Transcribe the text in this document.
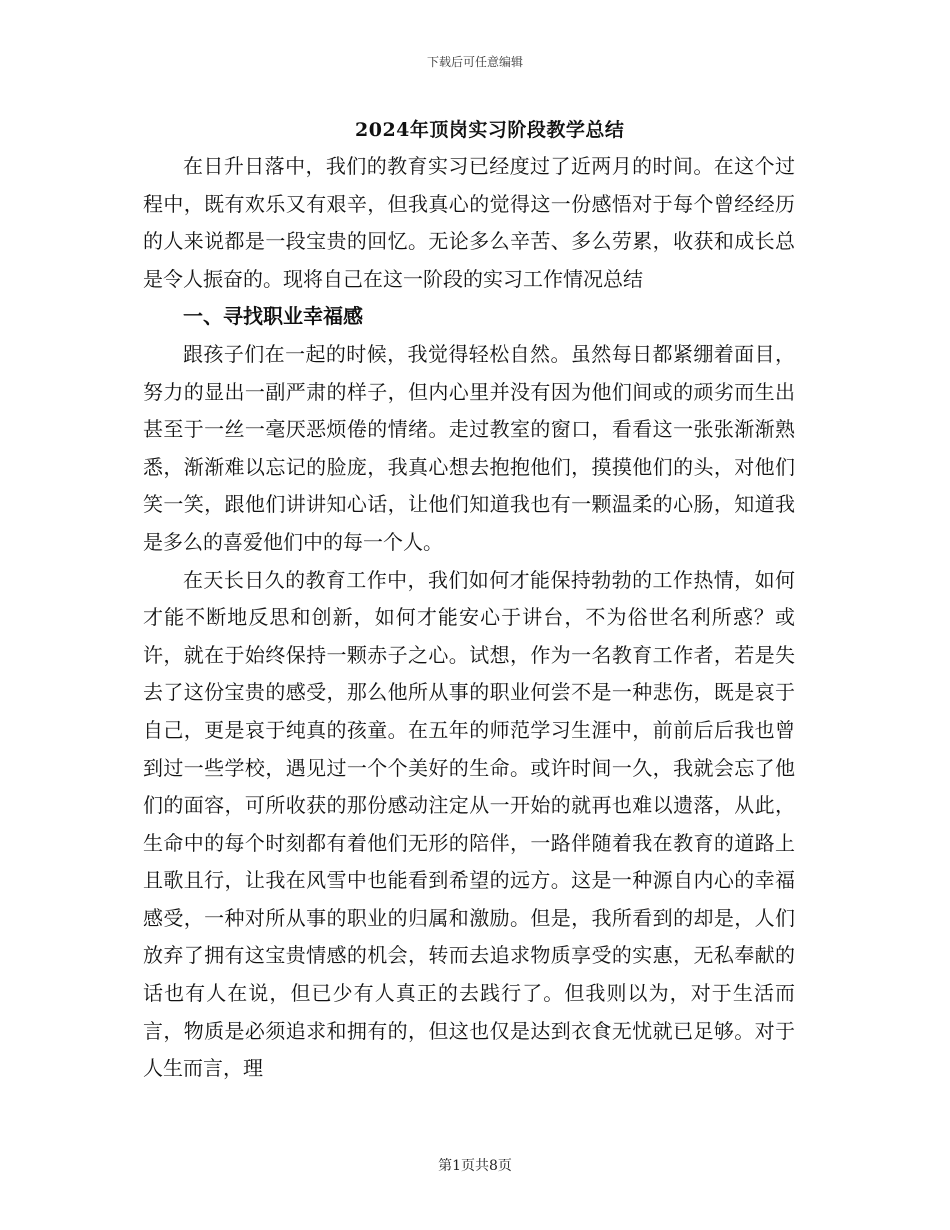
下载后可任意编辑
2024年顶岗实习阶段教学总结

在日升日落中，我们的教育实习已经度过了近两月的时间。在这个过程中，既有欢乐又有艰辛，但我真心的觉得这一份感悟对于每个曾经经历的人来说都是一段宝贵的回忆。无论多么辛苦、多么劳累，收获和成长总是令人振奋的。现将自己在这一阶段的实习工作情况总结

一、寻找职业幸福感

跟孩子们在一起的时候，我觉得轻松自然。虽然每日都紧绷着面目，努力的显出一副严肃的样子，但内心里并没有因为他们间或的顽劣而生出甚至于一丝一毫厌恶烦倦的情绪。走过教室的窗口，看看这一张张渐渐熟悉，渐渐难以忘记的脸庞，我真心想去抱抱他们，摸摸他们的头，对他们笑一笑，跟他们讲讲知心话，让他们知道我也有一颗温柔的心肠，知道我是多么的喜爱他们中的每一个人。

在天长日久的教育工作中，我们如何才能保持勃勃的工作热情，如何才能不断地反思和创新，如何才能安心于讲台，不为俗世名利所惑？或许，就在于始终保持一颗赤子之心。试想，作为一名教育工作者，若是失去了这份宝贵的感受，那么他所从事的职业何尝不是一种悲伤，既是哀于自己，更是哀于纯真的孩童。在五年的师范学习生涯中，前前后后我也曾到过一些学校，遇见过一个个美好的生命。或许时间一久，我就会忘了他们的面容，可所收获的那份感动注定从一开始的就再也难以遗落，从此，生命中的每个时刻都有着他们无形的陪伴，一路伴随着我在教育的道路上且歌且行，让我在风雪中也能看到希望的远方。这是一种源自内心的幸福感受，一种对所从事的职业的归属和激励。但是，我所看到的却是，人们放弃了拥有这宝贵情感的机会，转而去追求物质享受的实惠，无私奉献的话也有人在说，但已少有人真正的去践行了。但我则以为，对于生活而言，物质是必须追求和拥有的，但这也仅是达到衣食无忧就已足够。对于人生而言，理

第1页共8页
